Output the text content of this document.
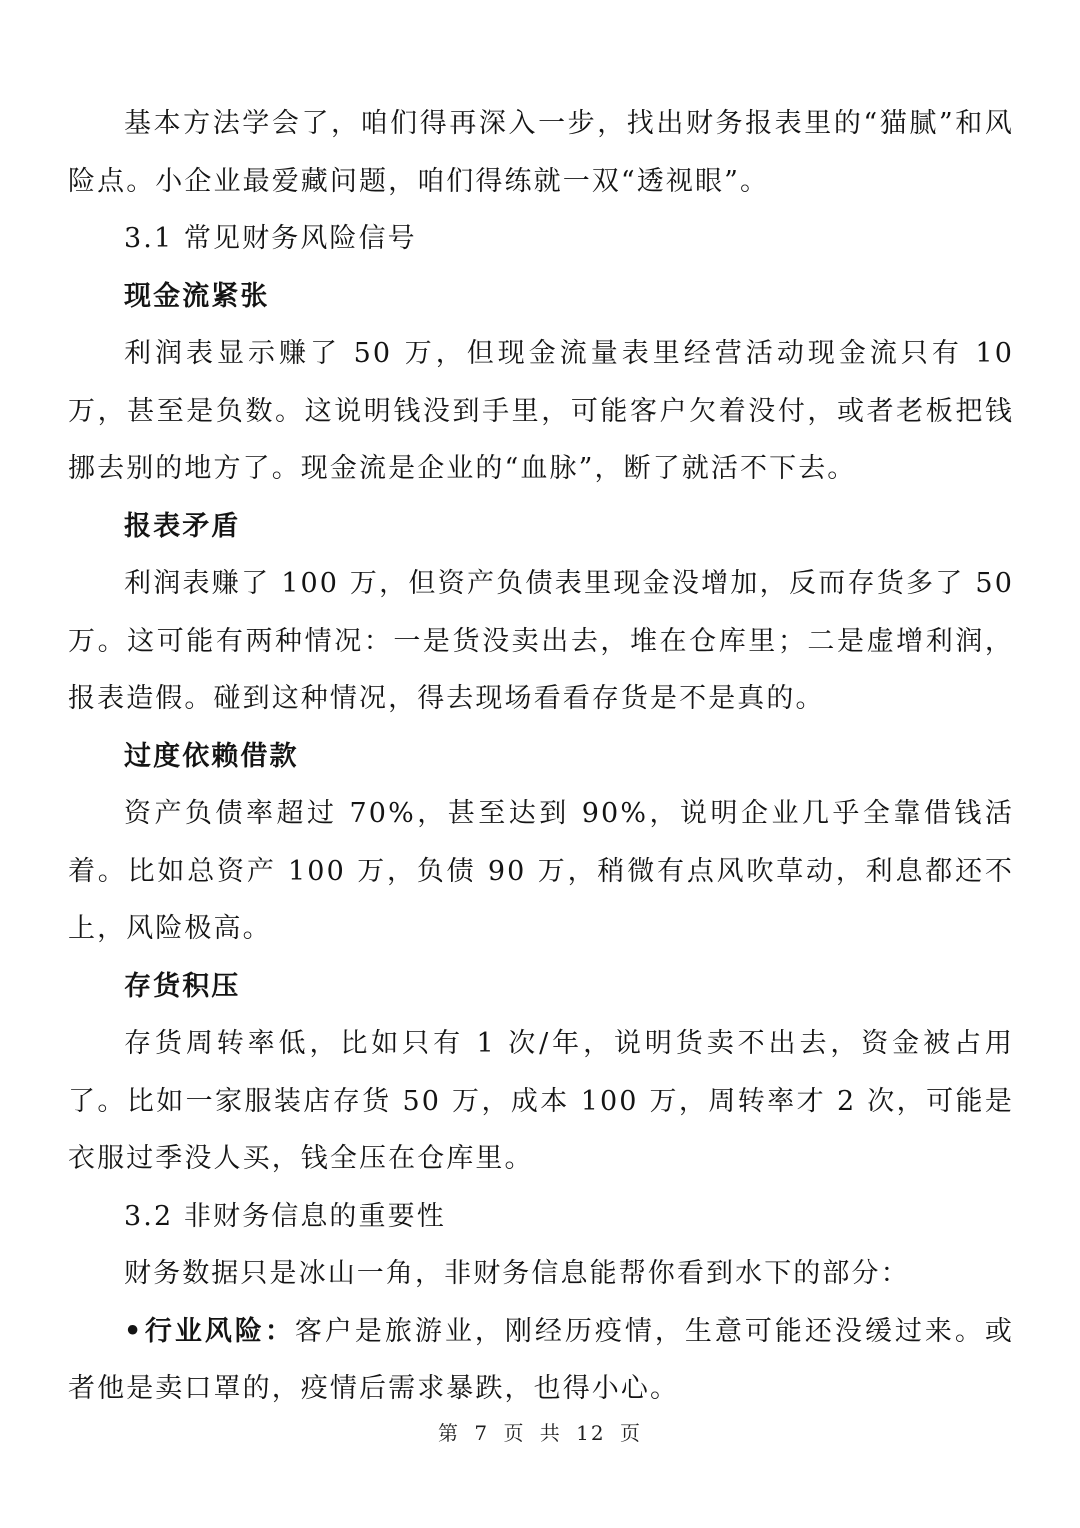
基本方法学会了，咱们得再深入一步，找出财务报表里的“猫腻”和风险点。小企业最爱藏问题，咱们得练就一双“透视眼”。

3.1 常见财务风险信号

现金流紧张

利润表显示赚了 50 万，但现金流量表里经营活动现金流只有 10 万，甚至是负数。这说明钱没到手里，可能客户欠着没付，或者老板把钱挪去别的地方了。现金流是企业的“血脉”，断了就活不下去。

报表矛盾

利润表赚了 100 万，但资产负债表里现金没增加，反而存货多了 50 万。这可能有两种情况：一是货没卖出去，堆在仓库里；二是虚增利润，报表造假。碰到这种情况，得去现场看看存货是不是真的。

过度依赖借款

资产负债率超过 70%，甚至达到 90%，说明企业几乎全靠借钱活着。比如总资产 100 万，负债 90 万，稍微有点风吹草动，利息都还不上，风险极高。

存货积压

存货周转率低，比如只有 1 次/年，说明货卖不出去，资金被占用了。比如一家服装店存货 50 万，成本 100 万，周转率才 2 次，可能是衣服过季没人买，钱全压在仓库里。

3.2 非财务信息的重要性

财务数据只是冰山一角，非财务信息能帮你看到水下的部分：

• 行业风险：客户是旅游业，刚经历疫情，生意可能还没缓过来。或者他是卖口罩的，疫情后需求暴跌，也得小心。

第 7 页 共 12 页
